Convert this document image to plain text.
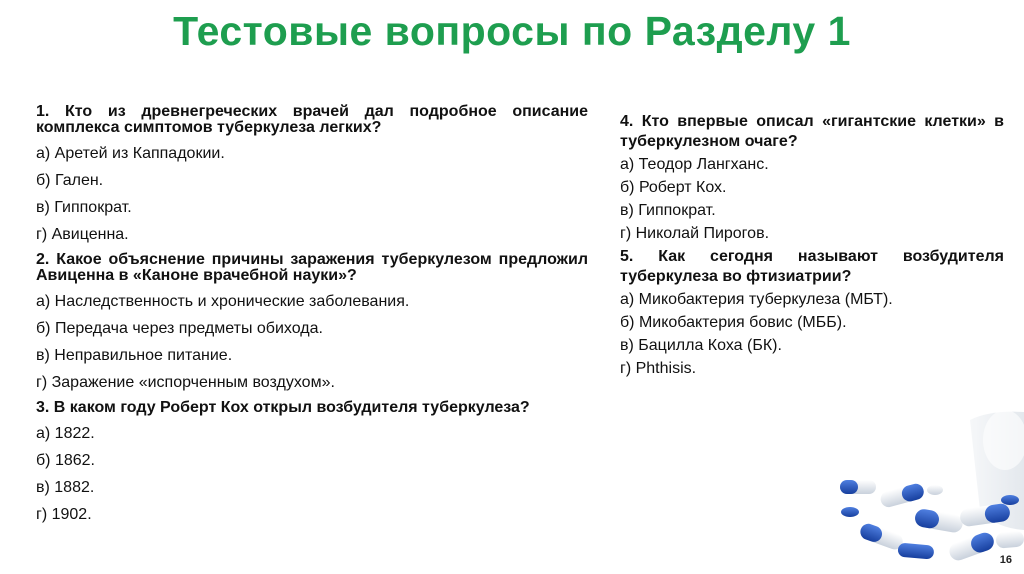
Тестовые вопросы по Разделу 1

1. Кто из древнегреческих врачей дал подробное описание комплекса симптомов туберкулеза легких?

а) Аретей из Каппадокии.

б) Гален.

в) Гиппократ.

г) Авиценна.

2. Какое объяснение причины заражения туберкулезом предложил Авиценна в «Каноне врачебной науки»?

а) Наследственность и хронические заболевания.

б) Передача через предметы обихода.

в) Неправильное питание.

г) Заражение «испорченным воздухом».

3. В каком году Роберт Кох открыл возбудителя туберкулеза?

а) 1822.

б) 1862.

в) 1882.

г) 1902.

4. Кто впервые описал «гигантские клетки» в туберкулезном очаге?

а) Теодор Лангханс.

б) Роберт Кох.

в) Гиппократ.

г) Николай Пирогов.

5. Как сегодня называют возбудителя туберкулеза во фтизиатрии?

а) Микобактерия туберкулеза (МБТ).

б) Микобактерия бовис (МББ).

в) Бацилла Коха (БК).

г) Phthisis.

16
